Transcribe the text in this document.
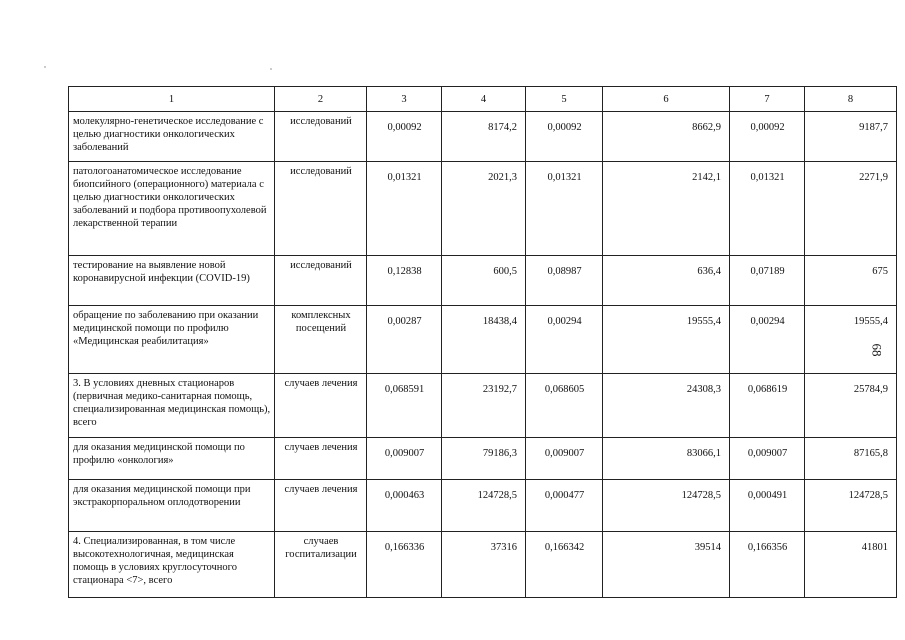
1	2	3	4	5	6	7	8
молекулярно-генетическое исследование с целью диагностики онкологических заболеваний	исследований	0,00092	8174,2	0,00092	8662,9	0,00092	9187,7
патологоанатомическое исследование биопсийного (операционного) материала с целью диагностики онкологических заболеваний и подбора противоопухолевой лекарственной терапии	исследований	0,01321	2021,3	0,01321	2142,1	0,01321	2271,9
тестирование на выявление новой коронавирусной инфекции (COVID-19)	исследований	0,12838	600,5	0,08987	636,4	0,07189	675
обращение по заболеванию при оказании медицинской помощи по профилю «Медицинская реабилитация»	комплексных посещений	0,00287	18438,4	0,00294	19555,4	0,00294	19555,4
3. В условиях дневных стационаров (первичная медико-санитарная помощь, специализированная медицинская помощь), всего	случаев лечения	0,068591	23192,7	0,068605	24308,3	0,068619	25784,9
для оказания медицинской помощи по профилю «онкология»	случаев лечения	0,009007	79186,3	0,009007	83066,1	0,009007	87165,8
для оказания медицинской помощи при экстракорпоральном оплодотворении	случаев лечения	0,000463	124728,5	0,000477	124728,5	0,000491	124728,5
4. Специализированная, в том числе высокотехнологичная, медицинская помощь в условиях круглосуточного стационара <7>, всего	случаев госпитализации	0,166336	37316	0,166342	39514	0,166356	41801
68
